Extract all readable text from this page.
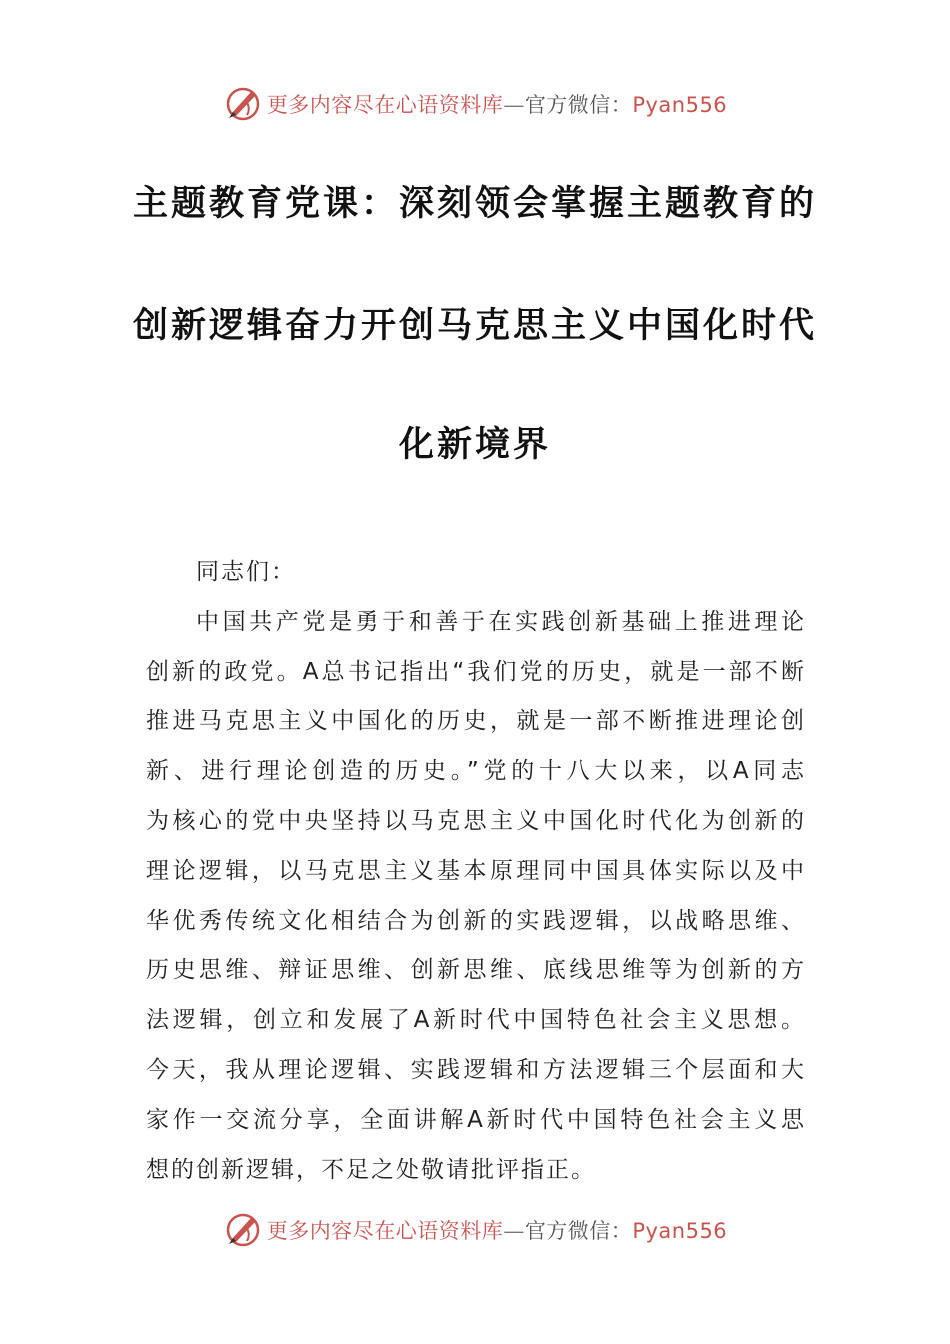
更多内容尽在心语资料库—官方微信：Pyan556
主题教育党课：深刻领会掌握主题教育的
创新逻辑奋力开创马克思主义中国化时代
化新境界
同志们：
中国共产党是勇于和善于在实践创新基础上推进理论
创新的政党。A总书记指出“我们党的历史，就是一部不断
推进马克思主义中国化的历史，就是一部不断推进理论创
新、进行理论创造的历史。”党的十八大以来，以A同志
为核心的党中央坚持以马克思主义中国化时代化为创新的
理论逻辑，以马克思主义基本原理同中国具体实际以及中
华优秀传统文化相结合为创新的实践逻辑，以战略思维、
历史思维、辩证思维、创新思维、底线思维等为创新的方
法逻辑，创立和发展了A新时代中国特色社会主义思想。
今天，我从理论逻辑、实践逻辑和方法逻辑三个层面和大
家作一交流分享，全面讲解A新时代中国特色社会主义思
想的创新逻辑，不足之处敬请批评指正。
更多内容尽在心语资料库—官方微信：Pyan556
